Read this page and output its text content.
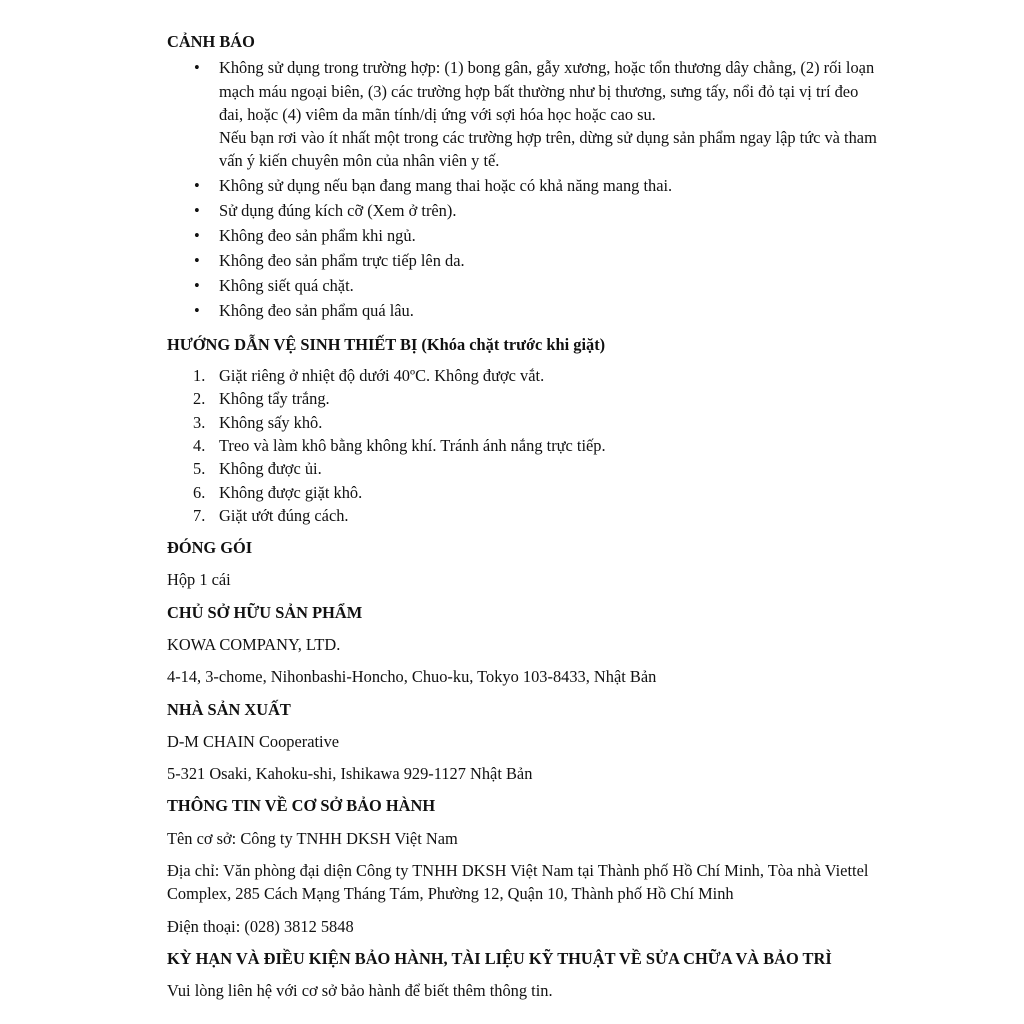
CẢNH BÁO

• Không sử dụng trong trường hợp: (1) bong gân, gẫy xương, hoặc tổn thương dây chằng, (2) rối loạn mạch máu ngoại biên, (3) các trường hợp bất thường như bị thương, sưng tấy, nổi đỏ tại vị trí đeo đai, hoặc (4) viêm da mãn tính/dị ứng với sợi hóa học hoặc cao su.
Nếu bạn rơi vào ít nhất một trong các trường hợp trên, dừng sử dụng sản phẩm ngay lập tức và tham vấn ý kiến chuyên môn của nhân viên y tế.
• Không sử dụng nếu bạn đang mang thai hoặc có khả năng mang thai.
• Sử dụng đúng kích cỡ (Xem ở trên).
• Không đeo sản phẩm khi ngủ.
• Không đeo sản phẩm trực tiếp lên da.
• Không siết quá chặt.
• Không đeo sản phẩm quá lâu.

HƯỚNG DẪN VỆ SINH THIẾT BỊ (Khóa chặt trước khi giặt)

1. Giặt riêng ở nhiệt độ dưới 40ºC. Không được vắt.
2. Không tẩy trắng.
3. Không sấy khô.
4. Treo và làm khô bằng không khí. Tránh ánh nắng trực tiếp.
5. Không được ủi.
6. Không được giặt khô.
7. Giặt ướt đúng cách.

ĐÓNG GÓI

Hộp 1 cái

CHỦ SỞ HỮU SẢN PHẨM

KOWA COMPANY, LTD.

4-14, 3-chome, Nihonbashi-Honcho, Chuo-ku, Tokyo 103-8433, Nhật Bản

NHÀ SẢN XUẤT

D-M CHAIN Cooperative

5-321 Osaki, Kahoku-shi, Ishikawa 929-1127 Nhật Bản

THÔNG TIN VỀ CƠ SỞ BẢO HÀNH

Tên cơ sở: Công ty TNHH DKSH Việt Nam

Địa chỉ: Văn phòng đại diện Công ty TNHH DKSH Việt Nam tại Thành phố Hồ Chí Minh, Tòa nhà Viettel Complex, 285 Cách Mạng Tháng Tám, Phường 12, Quận 10, Thành phố Hồ Chí Minh

Điện thoại: (028) 3812 5848

KỲ HẠN VÀ ĐIỀU KIỆN BẢO HÀNH, TÀI LIỆU KỸ THUẬT VỀ SỬA CHỮA VÀ BẢO TRÌ

Vui lòng liên hệ với cơ sở bảo hành để biết thêm thông tin.
